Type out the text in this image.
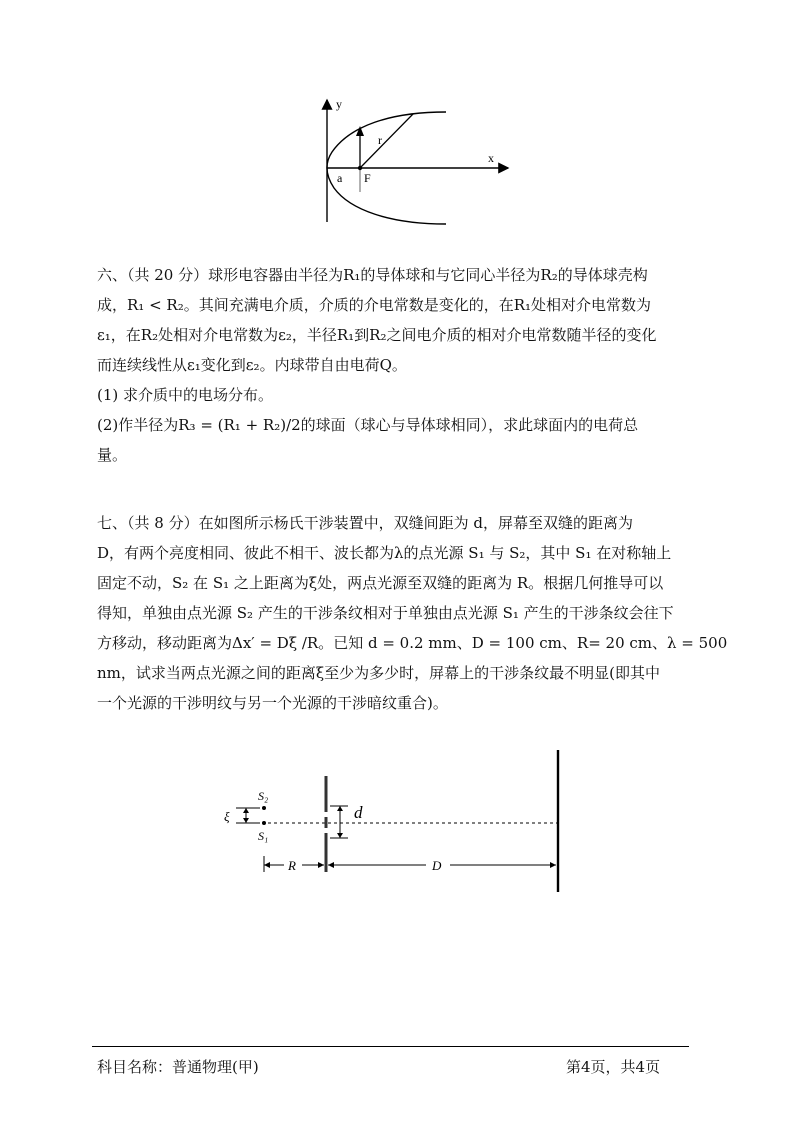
y
x
r
a F
六、（共 20 分）球形电容器由半径为R₁的导体球和与它同心半径为R₂的导体球壳构
成，R₁ < R₂。其间充满电介质，介质的介电常数是变化的，在R₁处相对介电常数为
ε₁，在R₂处相对介电常数为ε₂，半径R₁到R₂之间电介质的相对介电常数随半径的变化
而连续线性从ε₁变化到ε₂。内球带自由电荷Q。
(1) 求介质中的电场分布。
(2)作半径为R₃ = (R₁ + R₂)/2的球面（球心与导体球相同），求此球面内的电荷总
量。
七、（共 8 分）在如图所示杨氏干涉装置中，双缝间距为 d，屏幕至双缝的距离为
D，有两个亮度相同、彼此不相干、波长都为λ的点光源 S₁ 与 S₂，其中 S₁ 在对称轴上
固定不动，S₂ 在 S₁ 之上距离为ξ处，两点光源至双缝的距离为 R。根据几何推导可以
得知，单独由点光源 S₂ 产生的干涉条纹相对于单独由点光源 S₁ 产生的干涉条纹会往下
方移动，移动距离为Δx′ = Dξ /R。已知 d = 0.2 mm、D = 100 cm、R= 20 cm、λ = 500
nm，试求当两点光源之间的距离ξ至少为多少时，屏幕上的干涉条纹最不明显(即其中
一个光源的干涉明纹与另一个光源的干涉暗纹重合)。
S₂
S₁
ξ	d
R	D
科目名称：普通物理(甲)	第4页，共4页
